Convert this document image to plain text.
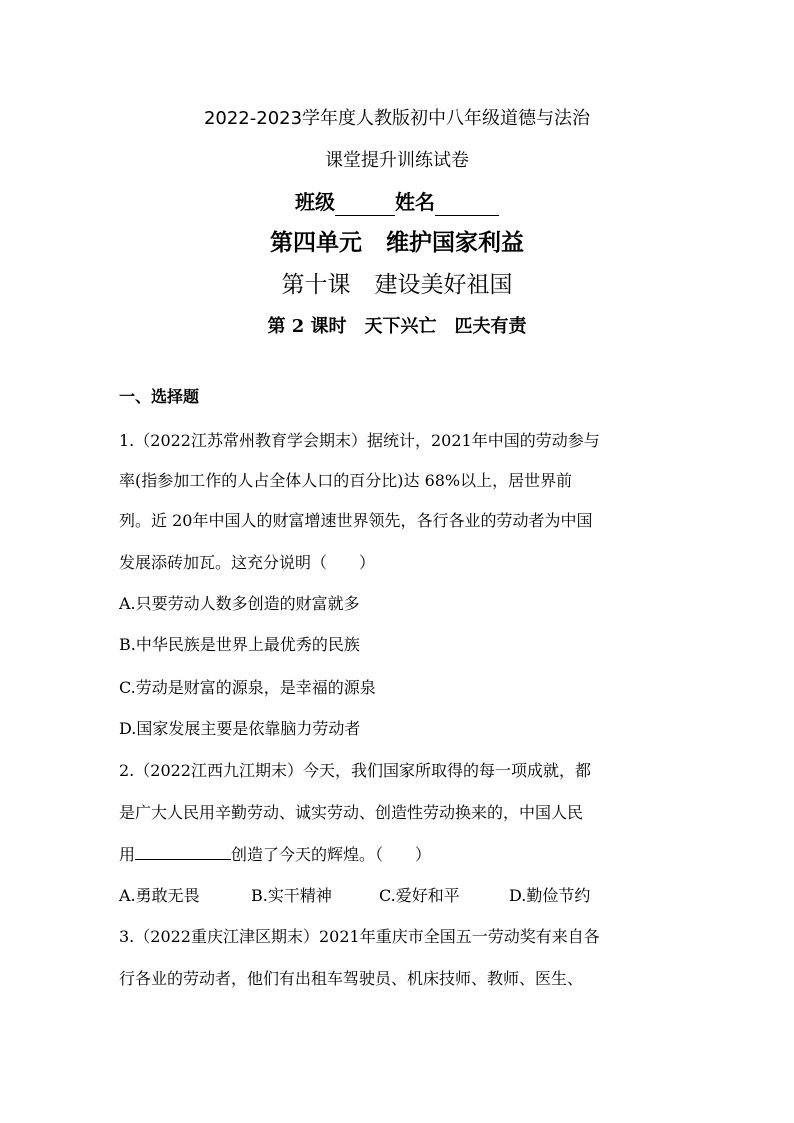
2022-2023学年度人教版初中八年级道德与法治
课堂提升训练试卷
班级	姓名
第四单元 维护国家利益
第十课 建设美好祖国
第 2 课时 天下兴亡 匹夫有责
一、选择题
1.（2022江苏常州教育学会期末）据统计，2021年中国的劳动参与
率(指参加工作的人占全体人口的百分比)达 68%以上，居世界前
列。近 20年中国人的财富增速世界领先，各行各业的劳动者为中国
发展添砖加瓦。这充分说明（　　）
A.只要劳动人数多创造的财富就多
B.中华民族是世界上最优秀的民族
C.劳动是财富的源泉，是幸福的源泉
D.国家发展主要是依靠脑力劳动者
2.（2022江西九江期末）今天，我们国家所取得的每一项成就，都
是广大人民用辛勤劳动、诚实劳动、创造性劳动换来的，中国人民
用	创造了今天的辉煌。（　　）
A.勇敢无畏	B.实干精神	C.爱好和平	D.勤俭节约
3.（2022重庆江津区期末）2021年重庆市全国五一劳动奖有来自各
行各业的劳动者，他们有出租车驾驶员、机床技师、教师、医生、
